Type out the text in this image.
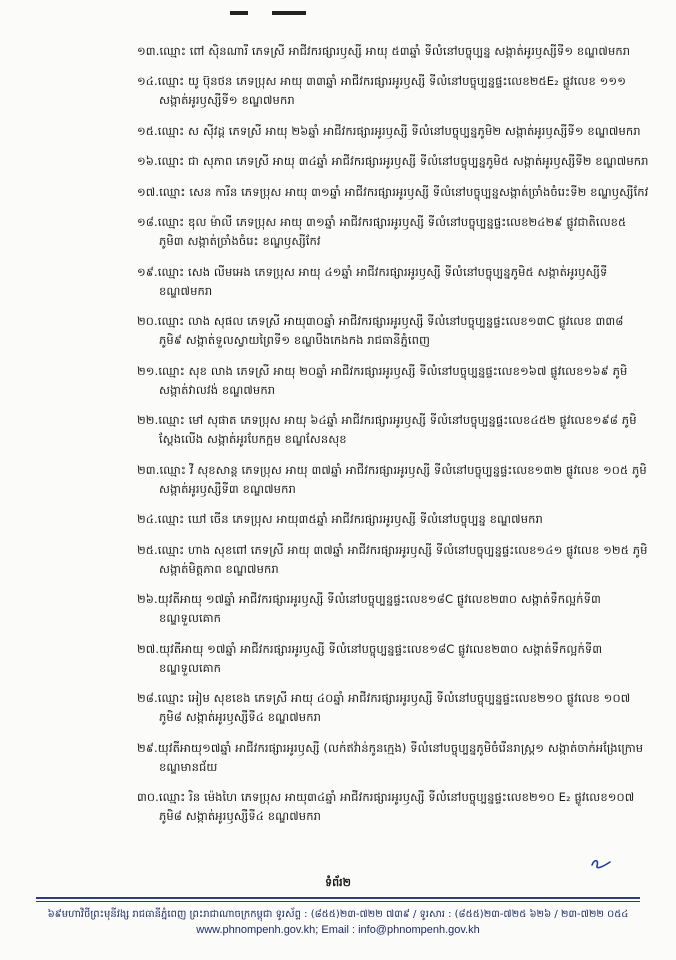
១៣.ឈ្មោះ ពៅ ស៊ិនណារី ភេទស្រី អាជីវករផ្សារឫស្សី អាយុ ៥៣ឆ្នាំ ទីលំនៅបច្ចុប្បន្ន សង្កាត់អូរឫស្សីទី១ ខណ្ឌ៧មករា

១៤.ឈ្មោះ យូ ប៊ុនថន ភេទប្រុស អាយុ ៣៣ឆ្នាំ អាជីវករផ្សារអូរឫស្សី ទីលំនៅបច្ចុប្បន្នផ្ទះលេខ២៥E₂ ផ្លូវលេខ ១១១ សង្កាត់អូរឫស្សីទី១ ខណ្ឌ៧មករា

១៥.ឈ្មោះ ស ស៊ីវដ្ដ ភេទស្រី អាយុ ២៦ឆ្នាំ អាជីវករផ្សារអូរឫស្សី ទីលំនៅបច្ចុប្បន្នភូមិ២ សង្កាត់អូរឫស្សីទី១ ខណ្ឌ៧មករា

១៦.ឈ្មោះ ជា សុភាព ភេទស្រី អាយុ ៣៤ឆ្នាំ អាជីវករផ្សារអូរឫស្សី ទីលំនៅបច្ចុប្បន្នភូមិ៥ សង្កាត់អូរឫស្សីទី២ ខណ្ឌ៧មករា

១៧.ឈ្មោះ សេន ការីន ភេទប្រុស អាយុ ៣១ឆ្នាំ អាជីវករផ្សារអូរឫស្សី ទីលំនៅបច្ចុប្បន្នសង្កាត់ច្រាំងចំរេះទី២ ខណ្ឌឫស្សីកែវ

១៨.ឈ្មោះ ឌុល ម៉ាលី ភេទប្រុស អាយុ ៣១ឆ្នាំ អាជីវករផ្សារអូរឫស្សី ទីលំនៅបច្ចុប្បន្នផ្ទះលេខ២៤២៩ ផ្លូវជាតិលេខ៥ ភូមិ៣ សង្កាត់ច្រាំងចំរេះ ខណ្ឌឫស្សីកែវ

១៩.ឈ្មោះ សេង លីមអេង ភេទប្រុស អាយុ ៤១ឆ្នាំ អាជីវករផ្សារអូរឫស្សី ទីលំនៅបច្ចុប្បន្នភូមិ៥ សង្កាត់អូរឫស្សីទី ខណ្ឌ៧មករា

២០.ឈ្មោះ លាង សុផល ភេទស្រី អាយុ៣០ឆ្នាំ អាជីវករផ្សារអូរឫស្សី ទីលំនៅបច្ចុប្បន្នផ្ទះលេខ១៣C ផ្លូវលេខ ៣៣៨ ភូមិ៩ សង្កាត់ទួលស្វាយព្រៃទី១ ខណ្ឌបឹងកេងកង រាជធានីភ្នំពេញ

២១.ឈ្មោះ សុខ លាង ភេទស្រី អាយុ ២០ឆ្នាំ អាជីវករផ្សារអូរឫស្សី ទីលំនៅបច្ចុប្បន្នផ្ទះលេខ១៦៧ ផ្លូវលេខ១៦៩ ភូមិ សង្កាត់វាលវង់ ខណ្ឌ៧មករា

២២.ឈ្មោះ មៅ សុផាត ភេទប្រុស អាយុ ៦៤ឆ្នាំ អាជីវករផ្សារអូរឫស្សី ទីលំនៅបច្ចុប្បន្នផ្ទះលេខ៤៥២ ផ្លូវលេខ១៩៨ ភូមិស្ដែងលើង សង្កាត់អូរបែកក្អម ខណ្ឌសែនសុខ

២៣.ឈ្មោះ វី សុខសាន្ត ភេទប្រុស អាយុ ៣៧ឆ្នាំ អាជីវករផ្សារអូរឫស្សី ទីលំនៅបច្ចុប្បន្នផ្ទះលេខ១៣២ ផ្លូវលេខ ១០៥ ភូមិ សង្កាត់អូរឫស្សីទី៣ ខណ្ឌ៧មករា

២៤.ឈ្មោះ ឃៅ ចើន ភេទប្រុស អាយុ៣៥ឆ្នាំ អាជីវករផ្សារអូរឫស្សី ទីលំនៅបច្ចុប្បន្ន ខណ្ឌ៧មករា

២៥.ឈ្មោះ ហាង សុខពៅ ភេទស្រី អាយុ ៣៧ឆ្នាំ អាជីវករផ្សារអូរឫស្សី ទីលំនៅបច្ចុប្បន្នផ្ទះលេខ១៤១ ផ្លូវលេខ ១២៥ ភូមិ សង្កាត់មិត្តភាព ខណ្ឌ៧មករា

២៦.យុវតីអាយុ ១៧ឆ្នាំ អាជីវករផ្សារអូរឫស្សី ទីលំនៅបច្ចុប្បន្នផ្ទះលេខ១៨C ផ្លូវលេខ២៣០ សង្កាត់ទឹកល្អក់ទី៣ ខណ្ឌទួលគោក

២៧.យុវតីអាយុ ១៧ឆ្នាំ អាជីវករផ្សារអូរឫស្សី ទីលំនៅបច្ចុប្បន្នផ្ទះលេខ១៨C ផ្លូវលេខ២៣០ សង្កាត់ទឹកល្អក់ទី៣ ខណ្ឌទួលគោក

២៨.ឈ្មោះ អៀម សុខខេង ភេទស្រី អាយុ ៤០ឆ្នាំ អាជីវករផ្សារអូរឫស្សី ទីលំនៅបច្ចុប្បន្នផ្ទះលេខ២១០ ផ្លូវលេខ ១០៧ ភូមិ៨ សង្កាត់អូរឫស្សីទី៤ ខណ្ឌ៧មករា

២៩.យុវតីអាយុ១៧ឆ្នាំ អាជីវករផ្សារអូរឫស្សី (លក់ឥវ៉ាន់កូនក្មេង) ទីលំនៅបច្ចុប្បន្នភូមិចំរើនរាស្ត្រ១ សង្កាត់ចាក់អង្រែក្រោម ខណ្ឌមានជ័យ

៣០.ឈ្មោះ រិន ម៉េងហៃ ភេទប្រុស អាយុ៣៤ឆ្នាំ អាជីវករផ្សារអូរឫស្សី ទីលំនៅបច្ចុប្បន្នផ្ទះលេខ២១០ E₂ ផ្លូវលេខ១០៧ ភូមិ៨ សង្កាត់អូរឫស្សីទី៤ ខណ្ឌ៧មករា

ទំព័រ២
៦៩មហាវិថីព្រះមុនីវង្ស រាជធានីភ្នំពេញ ព្រះរាជាណាចក្រកម្ពុជា ទូរស័ព្ទ : (៨៥៥)២៣-៧២២ ៧៣៩ / ទូរសារ : (៨៥៥)២៣-៧២៥ ៦២៦ / ២៣-៧២២ ០៥៤
www.phnompenh.gov.kh; Email : info@phnompenh.gov.kh
